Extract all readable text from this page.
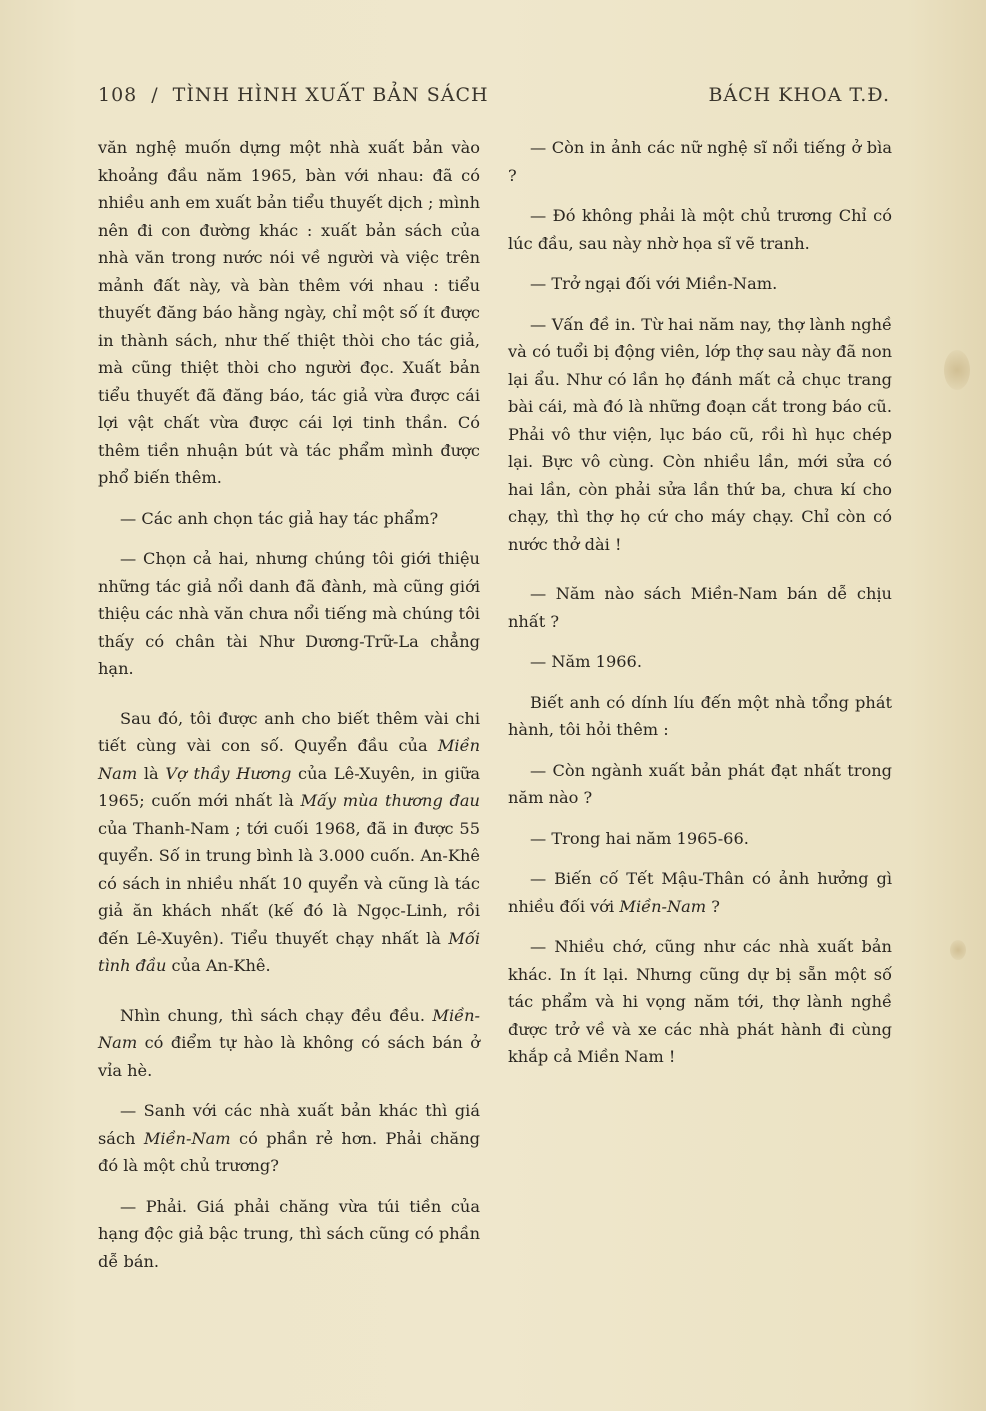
108 / TÌNH HÌNH XUẤT BẢN SÁCH	BÁCH KHOA T.Đ.

văn nghệ muốn dựng một nhà xuất bản vào khoảng đầu năm 1965, bàn với nhau: đã có nhiều anh em xuất bản tiểu thuyết dịch ; mình nên đi con đường khác : xuất bản sách của nhà văn trong nước nói về người và việc trên mảnh đất này, và bàn thêm với nhau : tiểu thuyết đăng báo hằng ngày, chỉ một số ít được in thành sách, như thế thiệt thòi cho tác giả, mà cũng thiệt thòi cho người đọc. Xuất bản tiểu thuyết đã đăng báo, tác giả vừa được cái lợi vật chất vừa được cái lợi tinh thần. Có thêm tiền nhuận bút và tác phẩm mình được phổ biến thêm.

— Các anh chọn tác giả hay tác phẩm?

— Chọn cả hai, nhưng chúng tôi giới thiệu những tác giả nổi danh đã đành, mà cũng giới thiệu các nhà văn chưa nổi tiếng mà chúng tôi thấy có chân tài Như Dương-Trữ-La chẳng hạn.

Sau đó, tôi được anh cho biết thêm vài chi tiết cùng vài con số. Quyển đầu của Miền Nam là Vợ thầy Hương của Lê-Xuyên, in giữa 1965; cuốn mới nhất là Mấy mùa thương đau của Thanh-Nam ; tới cuối 1968, đã in được 55 quyển. Số in trung bình là 3.000 cuốn. An-Khê có sách in nhiều nhất 10 quyển và cũng là tác giả ăn khách nhất (kế đó là Ngọc-Linh, rồi đến Lê-Xuyên). Tiểu thuyết chạy nhất là Mối tình đầu của An-Khê.

Nhìn chung, thì sách chạy đều đều. Miền-Nam có điểm tự hào là không có sách bán ở vỉa hè.

— Sanh với các nhà xuất bản khác thì giá sách Miền-Nam có phần rẻ hơn. Phải chăng đó là một chủ trương?

— Phải. Giá phải chăng vừa túi tiền của hạng độc giả bậc trung, thì sách cũng có phần dễ bán.

— Còn in ảnh các nữ nghệ sĩ nổi tiếng ở bìa ?

— Đó không phải là một chủ trương Chỉ có lúc đầu, sau này nhờ họa sĩ vẽ tranh.

— Trở ngại đối với Miền-Nam.

— Vấn đề in. Từ hai năm nay, thợ lành nghề và có tuổi bị động viên, lớp thợ sau này đã non lại ẩu. Như có lần họ đánh mất cả chục trang bài cái, mà đó là những đoạn cắt trong báo cũ. Phải vô thư viện, lục báo cũ, rồi hì hục chép lại. Bực vô cùng. Còn nhiều lần, mới sửa có hai lần, còn phải sửa lần thứ ba, chưa kí cho chạy, thì thợ họ cứ cho máy chạy. Chỉ còn có nước thở dài !

— Năm nào sách Miền-Nam bán dễ chịu nhất ?

— Năm 1966.

Biết anh có dính líu đến một nhà tổng phát hành, tôi hỏi thêm :

— Còn ngành xuất bản phát đạt nhất trong năm nào ?

— Trong hai năm 1965-66.

— Biến cố Tết Mậu-Thân có ảnh hưởng gì nhiều đối với Miền-Nam ?

— Nhiều chớ, cũng như các nhà xuất bản khác. In ít lại. Nhưng cũng dự bị sẵn một số tác phẩm và hi vọng năm tới, thợ lành nghề được trở về và xe các nhà phát hành đi cùng khắp cả Miền Nam !
